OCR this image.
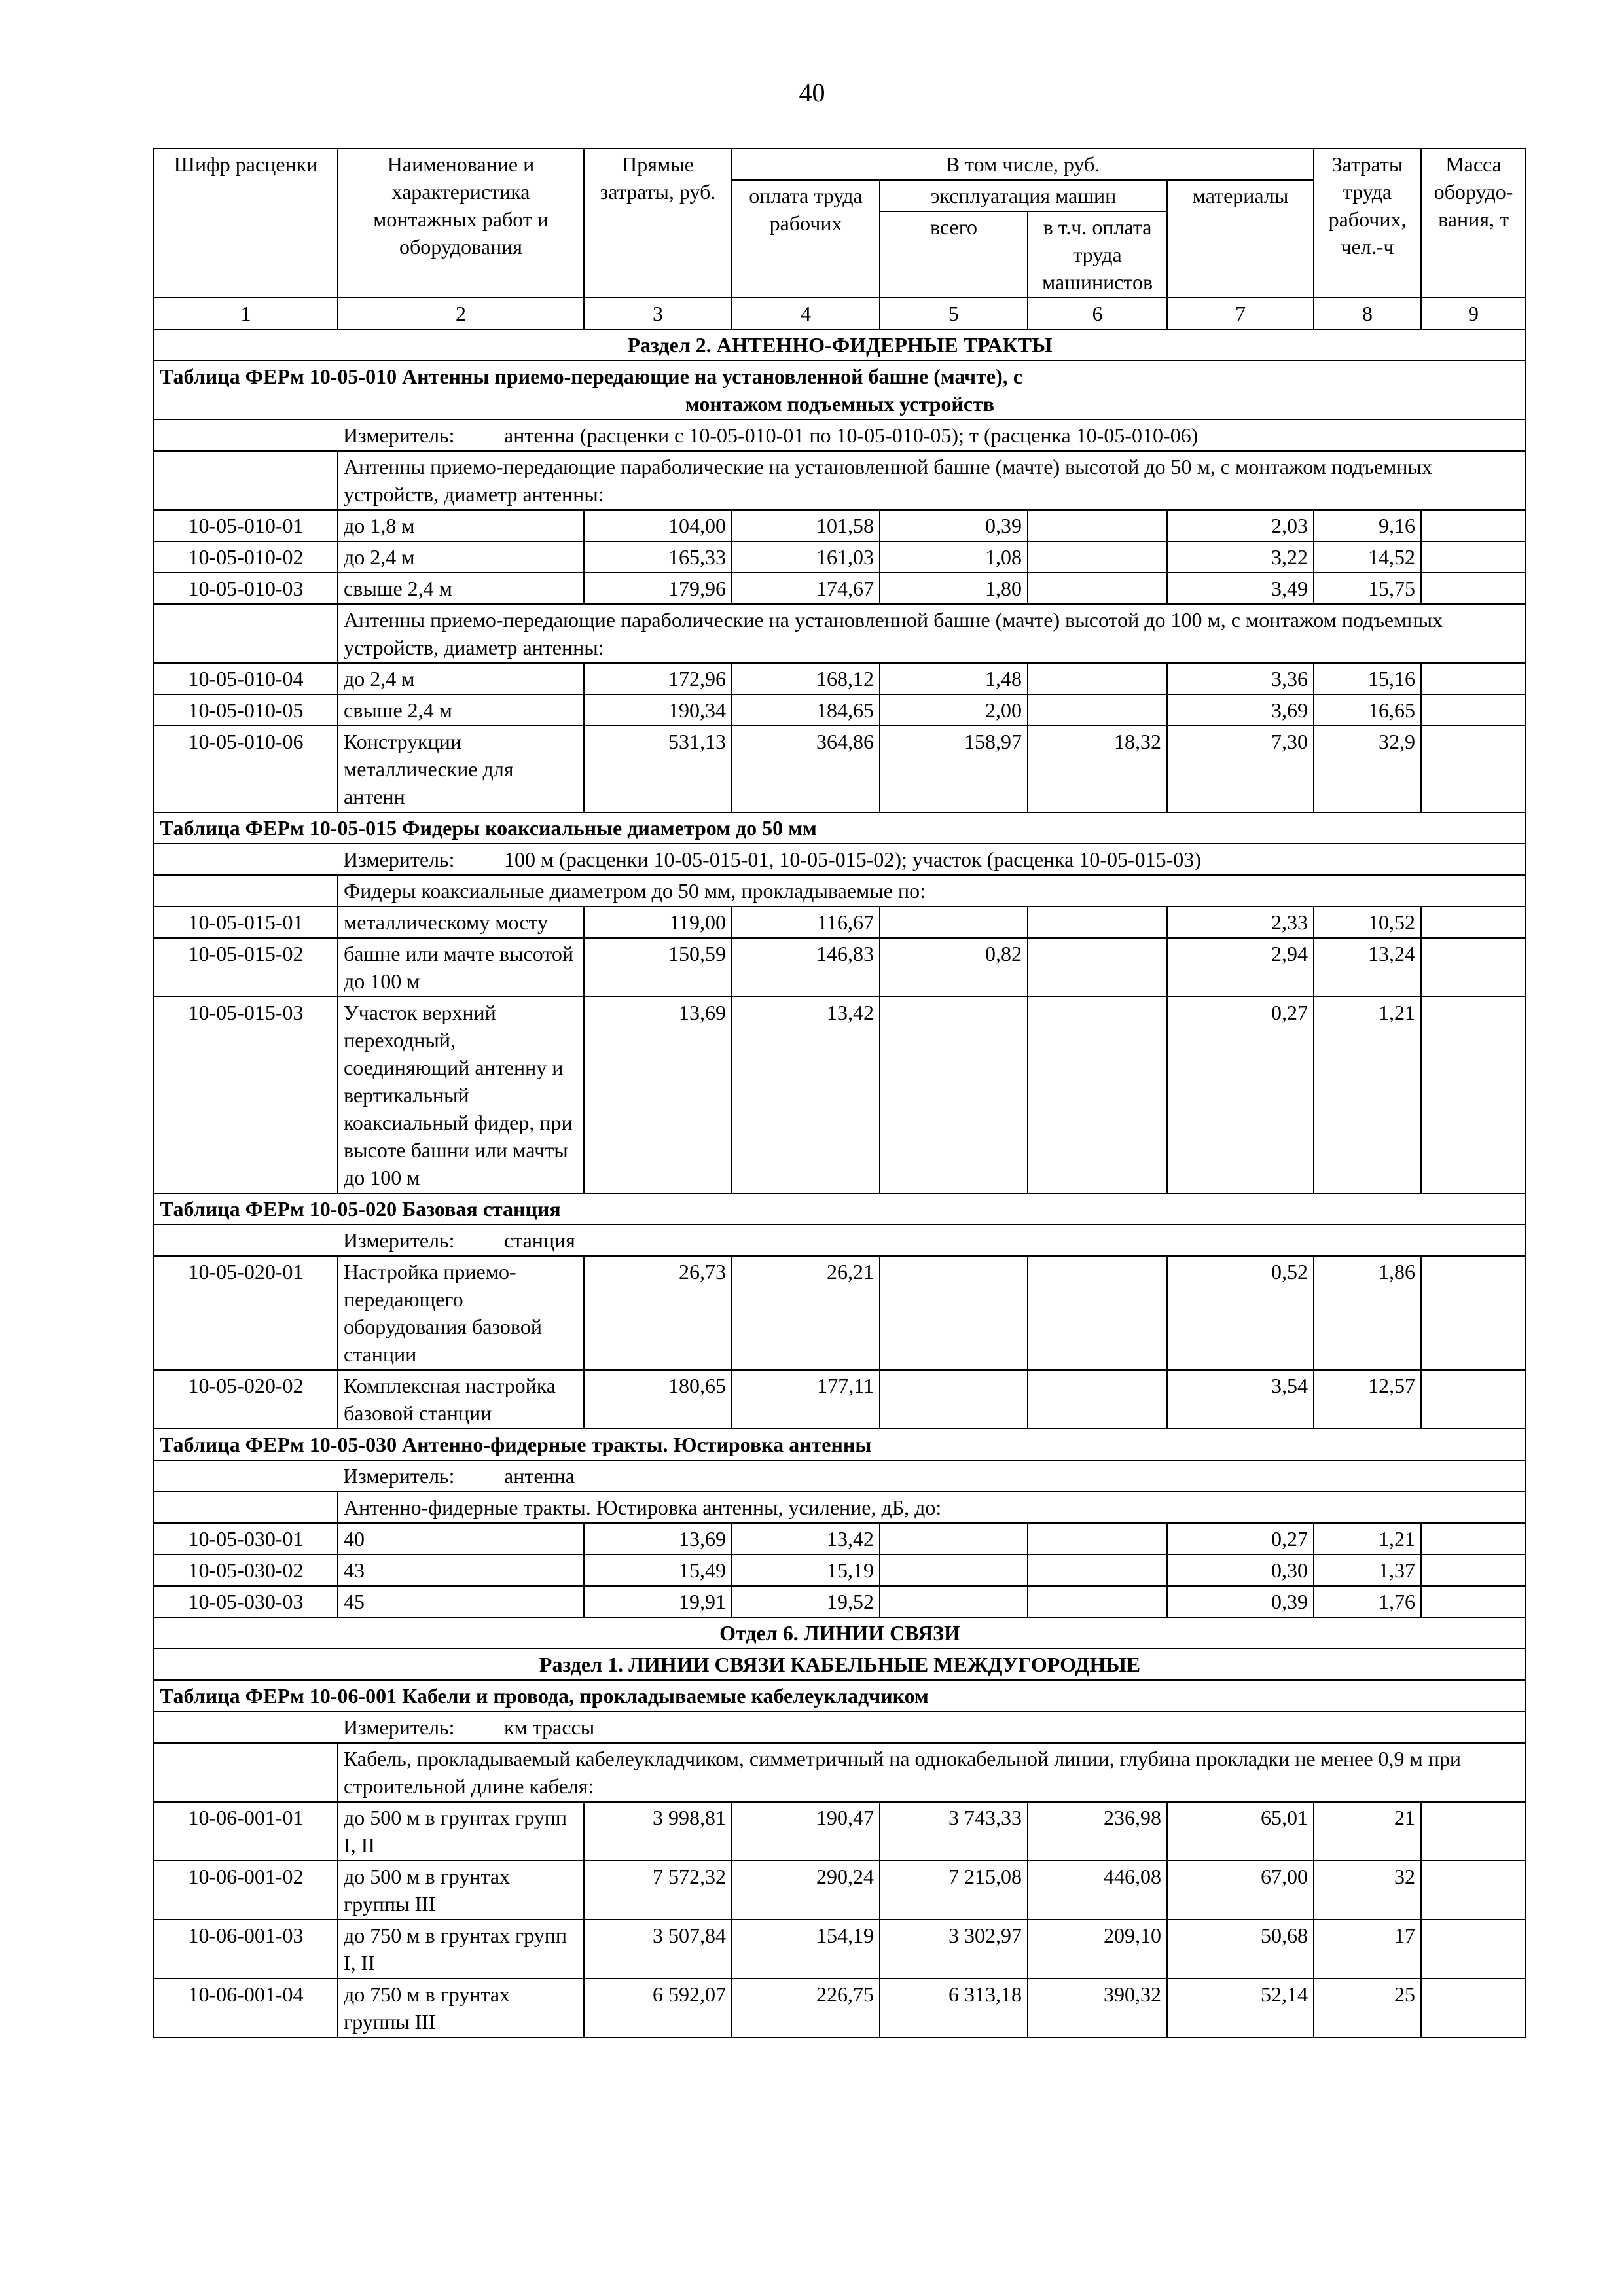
40
Шифр расценки	Наименование и характеристика монтажных работ и оборудования	Прямые затраты, руб.	В том числе, руб.				Затраты труда рабочих, чел.-ч	Масса оборудо-вания, т
			оплата труда рабочих	эксплуатация машин		материалы		
				всего	в т.ч. оплата труда машинистов			
1	2	3	4	5	6	7	8	9
Раздел 2. АНТЕННО-ФИДЕРНЫЕ ТРАКТЫ								
Таблица ФЕРм 10-05-010 Антенны приемо-передающие на установленной башне (мачте), с
монтажом подъемных устройств								

	Измеритель: антенна (расценки с 10-05-010-01 по 10-05-010-05); т (расценка 10-05-010-06)							
	Антенны приемо-передающие параболические на установленной башне (мачте) высотой до 50 м, с монтажом подъемных устройств, диаметр антенны:							
10-05-010-01	до 1,8 м	104,00	101,58	0,39		2,03	9,16	
10-05-010-02	до 2,4 м	165,33	161,03	1,08		3,22	14,52	
10-05-010-03	свыше 2,4 м	179,96	174,67	1,80		3,49	15,75	
	Антенны приемо-передающие параболические на установленной башне (мачте) высотой до 100 м, с монтажом подъемных устройств, диаметр антенны:							
10-05-010-04	до 2,4 м	172,96	168,12	1,48		3,36	15,16	
10-05-010-05	свыше 2,4 м	190,34	184,65	2,00		3,69	16,65	
10-05-010-06	Конструкции металлические для антенн	531,13	364,86	158,97	18,32	7,30	32,9	
Таблица ФЕРм 10-05-015 Фидеры коаксиальные диаметром до 50 мм								
	Измеритель: 100 м (расценки 10-05-015-01, 10-05-015-02); участок (расценка 10-05-015-03)							
	Фидеры коаксиальные диаметром до 50 мм, прокладываемые по:							
10-05-015-01	металлическому мосту	119,00	116,67			2,33	10,52	
10-05-015-02	башне или мачте высотой до 100 м	150,59	146,83	0,82		2,94	13,24	
10-05-015-03	Участок верхний переходный, соединяющий антенну и вертикальный коаксиальный фидер, при высоте башни или мачты до 100 м	13,69	13,42			0,27	1,21	
Таблица ФЕРм 10-05-020 Базовая станция								
	Измеритель: станция							
10-05-020-01	Настройка приемо-передающего оборудования базовой станции	26,73	26,21			0,52	1,86	
10-05-020-02	Комплексная настройка базовой станции	180,65	177,11			3,54	12,57	
Таблица ФЕРм 10-05-030 Антенно-фидерные тракты. Юстировка антенны								
	Измеритель: антенна							
	Антенно-фидерные тракты. Юстировка антенны, усиление, дБ, до:							
10-05-030-01	40	13,69	13,42			0,27	1,21	
10-05-030-02	43	15,49	15,19			0,30	1,37	
10-05-030-03	45	19,91	19,52			0,39	1,76	
Отдел 6. ЛИНИИ СВЯЗИ								
Раздел 1. ЛИНИИ СВЯЗИ КАБЕЛЬНЫЕ МЕЖДУГОРОДНЫЕ								
Таблица ФЕРм 10-06-001 Кабели и провода, прокладываемые кабелеукладчиком								
	Измеритель: км трассы							
	Кабель, прокладываемый кабелеукладчиком, симметричный на однокабельной линии, глубина прокладки не менее 0,9 м при строительной длине кабеля:							
10-06-001-01	до 500 м в грунтах групп I, II	3 998,81	190,47	3 743,33	236,98	65,01	21	
10-06-001-02	до 500 м в грунтах группы III	7 572,32	290,24	7 215,08	446,08	67,00	32	
10-06-001-03	до 750 м в грунтах групп I, II	3 507,84	154,19	3 302,97	209,10	50,68	17	
10-06-001-04	до 750 м в грунтах группы III	6 592,07	226,75	6 313,18	390,32	52,14	25	
